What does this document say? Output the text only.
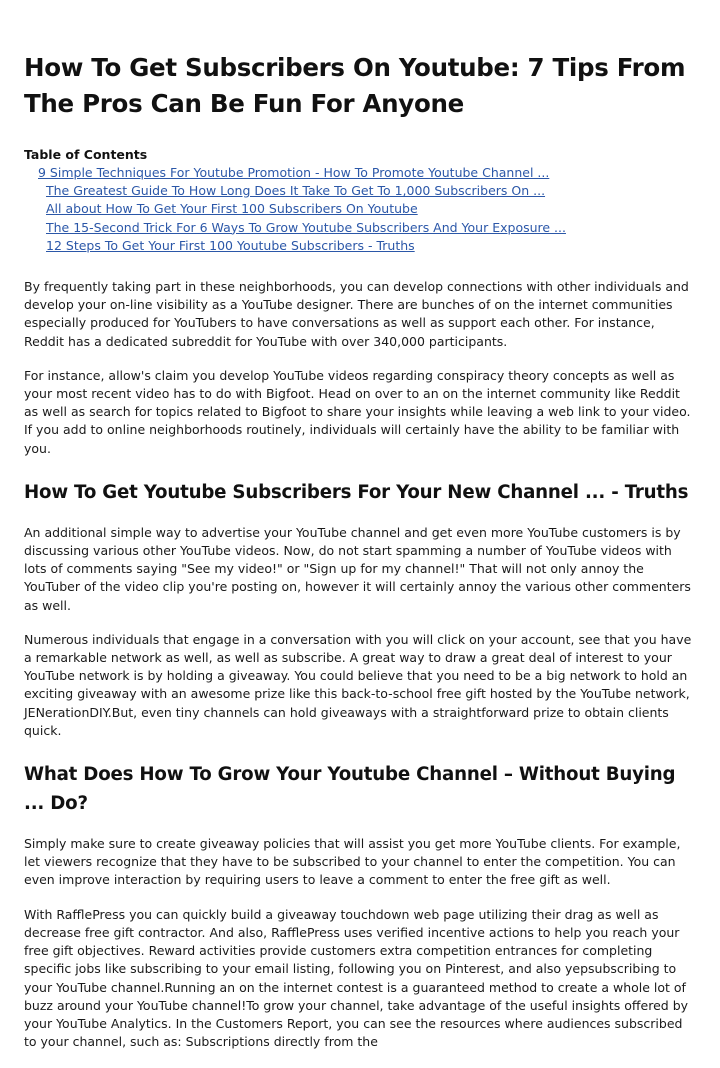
How To Get Subscribers On Youtube: 7 Tips From The Pros Can Be Fun For Anyone
Table of Contents
9 Simple Techniques For Youtube Promotion - How To Promote Youtube Channel ...
The Greatest Guide To How Long Does It Take To Get To 1,000 Subscribers On ...
All about How To Get Your First 100 Subscribers On Youtube
The 15-Second Trick For 6 Ways To Grow Youtube Subscribers And Your Exposure ...
12 Steps To Get Your First 100 Youtube Subscribers - Truths

By frequently taking part in these neighborhoods, you can develop connections with other individuals and develop your on-line visibility as a YouTube designer. There are bunches of on the internet communities especially produced for YouTubers to have conversations as well as support each other. For instance, Reddit has a dedicated subreddit for YouTube with over 340,000 participants.

For instance, allow's claim you develop YouTube videos regarding conspiracy theory concepts as well as your most recent video has to do with Bigfoot. Head on over to an on the internet community like Reddit as well as search for topics related to Bigfoot to share your insights while leaving a web link to your video. If you add to online neighborhoods routinely, individuals will certainly have the ability to be familiar with you.

How To Get Youtube Subscribers For Your New Channel ... - Truths

An additional simple way to advertise your YouTube channel and get even more YouTube customers is by discussing various other YouTube videos. Now, do not start spamming a number of YouTube videos with lots of comments saying "See my video!" or "Sign up for my channel!" That will not only annoy the YouTuber of the video clip you're posting on, however it will certainly annoy the various other commenters as well.

Numerous individuals that engage in a conversation with you will click on your account, see that you have a remarkable network as well, as well as subscribe. A great way to draw a great deal of interest to your YouTube network is by holding a giveaway. You could believe that you need to be a big network to hold an exciting giveaway with an awesome prize like this back-to-school free gift hosted by the YouTube network, JENerationDIY.But, even tiny channels can hold giveaways with a straightforward prize to obtain clients quick.

What Does How To Grow Your Youtube Channel – Without Buying ... Do?

Simply make sure to create giveaway policies that will assist you get more YouTube clients. For example, let viewers recognize that they have to be subscribed to your channel to enter the competition. You can even improve interaction by requiring users to leave a comment to enter the free gift as well.

With RafflePress you can quickly build a giveaway touchdown web page utilizing their drag as well as decrease free gift contractor. And also, RafflePress uses verified incentive actions to help you reach your free gift objectives. Reward activities provide customers extra competition entrances for completing specific jobs like subscribing to your email listing, following you on Pinterest, and also yepsubscribing to your YouTube channel.Running an on the internet contest is a guaranteed method to create a whole lot of buzz around your YouTube channel!To grow your channel, take advantage of the useful insights offered by your YouTube Analytics. In the Customers Report, you can see the resources where audiences subscribed to your channel, such as: Subscriptions directly from the
